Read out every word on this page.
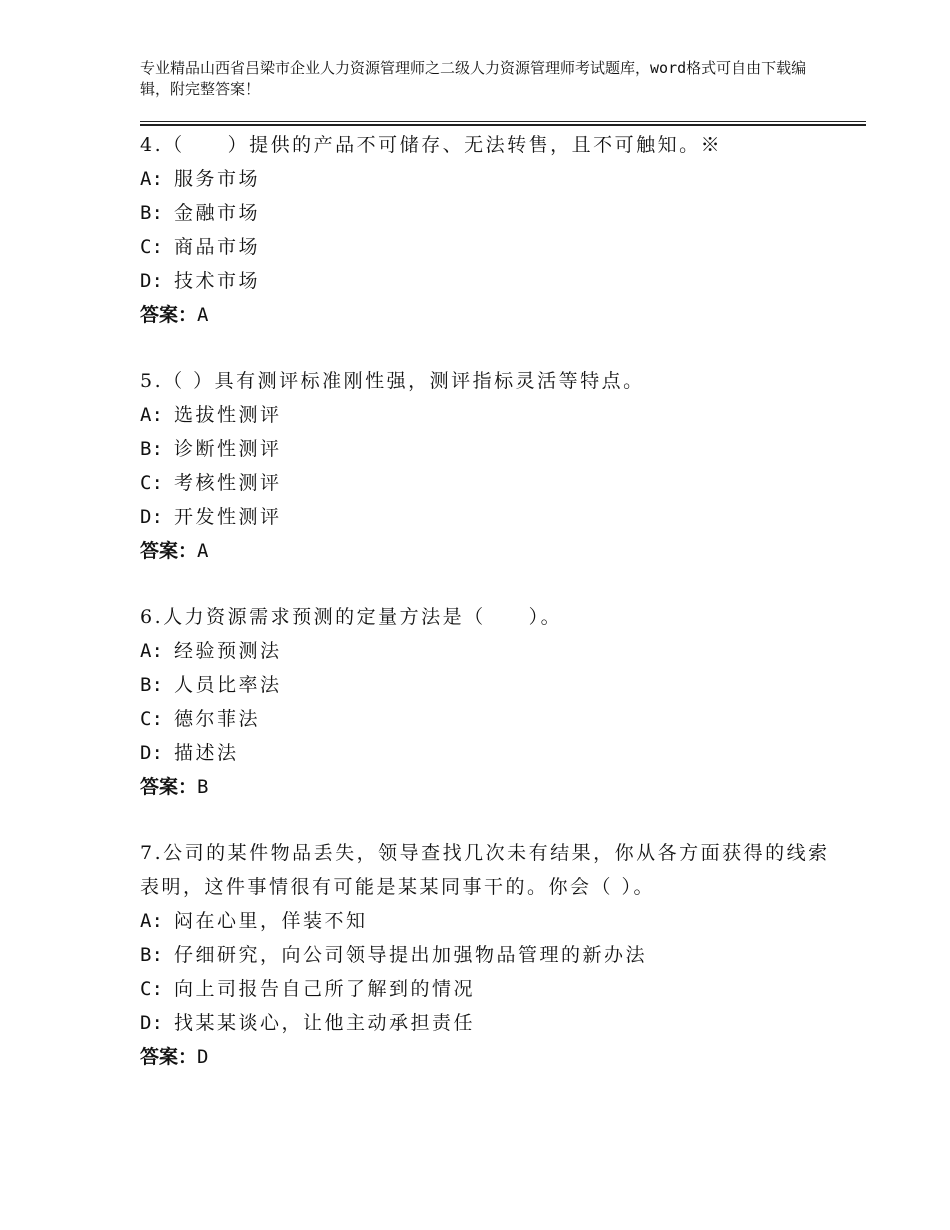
专业精品山西省吕梁市企业人力资源管理师之二级人力资源管理师考试题库，word格式可自由下载编辑，附完整答案！

4.（　　）提供的产品不可储存、无法转售，且不可触知。※

A: 服务市场

B: 金融市场

C: 商品市场

D: 技术市场

答案：A

5.（ ）具有测评标准刚性强，测评指标灵活等特点。

A: 选拔性测评

B: 诊断性测评

C: 考核性测评

D: 开发性测评

答案：A

6.人力资源需求预测的定量方法是（　　）。

A: 经验预测法

B: 人员比率法

C: 德尔菲法

D: 描述法

答案：B

7.公司的某件物品丢失，领导查找几次未有结果，你从各方面获得的线索表明，这件事情很有可能是某某同事干的。你会（ ）。

A: 闷在心里，佯装不知

B: 仔细研究，向公司领导提出加强物品管理的新办法

C: 向上司报告自己所了解到的情况

D: 找某某谈心，让他主动承担责任

答案：D
